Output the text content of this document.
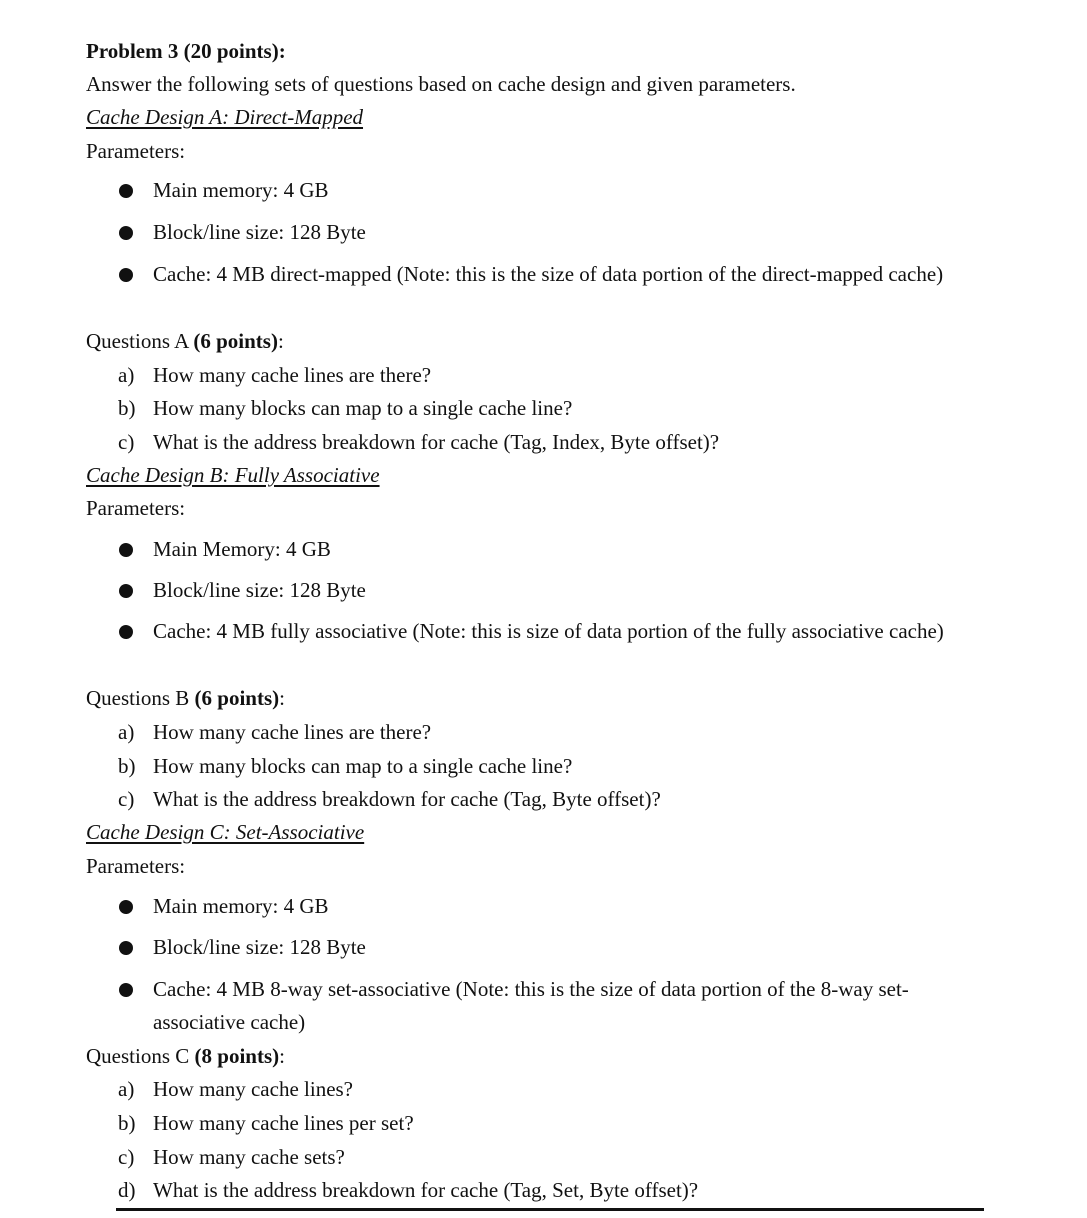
Problem 3 (20 points):
Answer the following sets of questions based on cache design and given parameters.
Cache Design A: Direct-Mapped
Parameters:
Main memory: 4 GB
Block/line size: 128 Byte
Cache: 4 MB direct-mapped (Note: this is the size of data portion of the direct-mapped cache)
Questions A (6 points):
a) How many cache lines are there?
b) How many blocks can map to a single cache line?
c) What is the address breakdown for cache (Tag, Index, Byte offset)?
Cache Design B: Fully Associative
Parameters:
Main Memory: 4 GB
Block/line size: 128 Byte
Cache: 4 MB fully associative (Note: this is size of data portion of the fully associative cache)
Questions B (6 points):
a) How many cache lines are there?
b) How many blocks can map to a single cache line?
c) What is the address breakdown for cache (Tag, Byte offset)?
Cache Design C: Set-Associative
Parameters:
Main memory: 4 GB
Block/line size: 128 Byte
Cache: 4 MB 8-way set-associative (Note: this is the size of data portion of the 8-way set-associative cache)
Questions C (8 points):
a) How many cache lines?
b) How many cache lines per set?
c) How many cache sets?
d) What is the address breakdown for cache (Tag, Set, Byte offset)?
